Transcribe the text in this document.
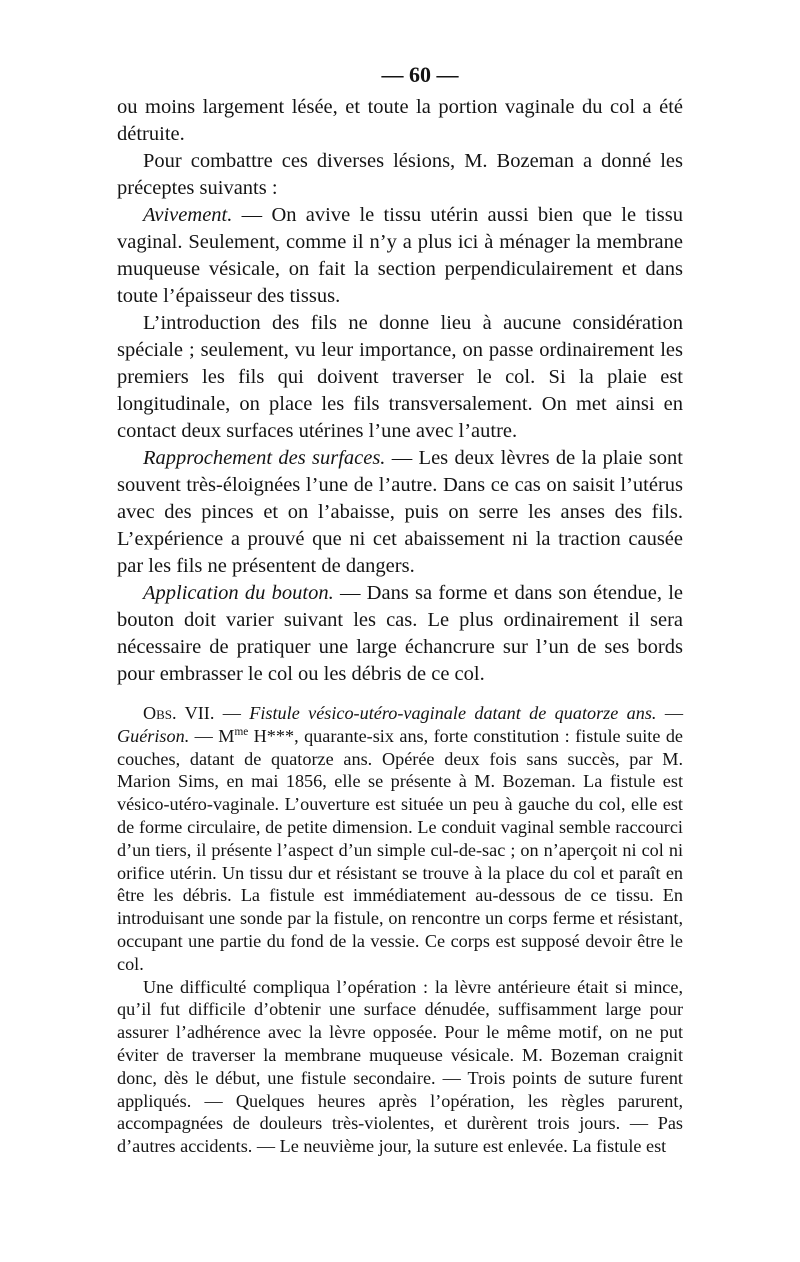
— 60 —

ou moins largement lésée, et toute la portion vaginale du col a été détruite.

Pour combattre ces diverses lésions, M. Bozeman a donné les préceptes suivants :

Avivement. — On avive le tissu utérin aussi bien que le tissu vaginal. Seulement, comme il n’y a plus ici à ménager la membrane muqueuse vésicale, on fait la section perpendiculairement et dans toute l’épaisseur des tissus.

L’introduction des fils ne donne lieu à aucune considération spéciale ; seulement, vu leur importance, on passe ordinairement les premiers les fils qui doivent traverser le col. Si la plaie est longitudinale, on place les fils transversalement. On met ainsi en contact deux surfaces utérines l’une avec l’autre.

Rapprochement des surfaces. — Les deux lèvres de la plaie sont souvent très-éloignées l’une de l’autre. Dans ce cas on saisit l’utérus avec des pinces et on l’abaisse, puis on serre les anses des fils. L’expérience a prouvé que ni cet abaissement ni la traction causée par les fils ne présentent de dangers.

Application du bouton. — Dans sa forme et dans son étendue, le bouton doit varier suivant les cas. Le plus ordinairement il sera nécessaire de pratiquer une large échancrure sur l’un de ses bords pour embrasser le col ou les débris de ce col.

Obs. VII. — Fistule vésico-utéro-vaginale datant de quatorze ans. — Guérison. — $M^{me}$ H***, quarante-six ans, forte constitution : fistule suite de couches, datant de quatorze ans. Opérée deux fois sans succès, par M. Marion Sims, en mai 1856, elle se présente à M. Bozeman. La fistule est vésico-utéro-vaginale. L’ouverture est située un peu à gauche du col, elle est de forme circulaire, de petite dimension. Le conduit vaginal semble raccourci d’un tiers, il présente l’aspect d’un simple cul-de-sac ; on n’aperçoit ni col ni orifice utérin. Un tissu dur et résistant se trouve à la place du col et paraît en être les débris. La fistule est immédiatement au-dessous de ce tissu. En introduisant une sonde par la fistule, on rencontre un corps ferme et résistant, occupant une partie du fond de la vessie. Ce corps est supposé devoir être le col.

Une difficulté compliqua l’opération : la lèvre antérieure était si mince, qu’il fut difficile d’obtenir une surface dénudée, suffisamment large pour assurer l’adhérence avec la lèvre opposée. Pour le même motif, on ne put éviter de traverser la membrane muqueuse vésicale. M. Bozeman craignit donc, dès le début, une fistule secondaire. — Trois points de suture furent appliqués. — Quelques heures après l’opération, les règles parurent, accompagnées de douleurs très-violentes, et durèrent trois jours. — Pas d’autres accidents. — Le neuvième jour, la suture est enlevée. La fistule est
